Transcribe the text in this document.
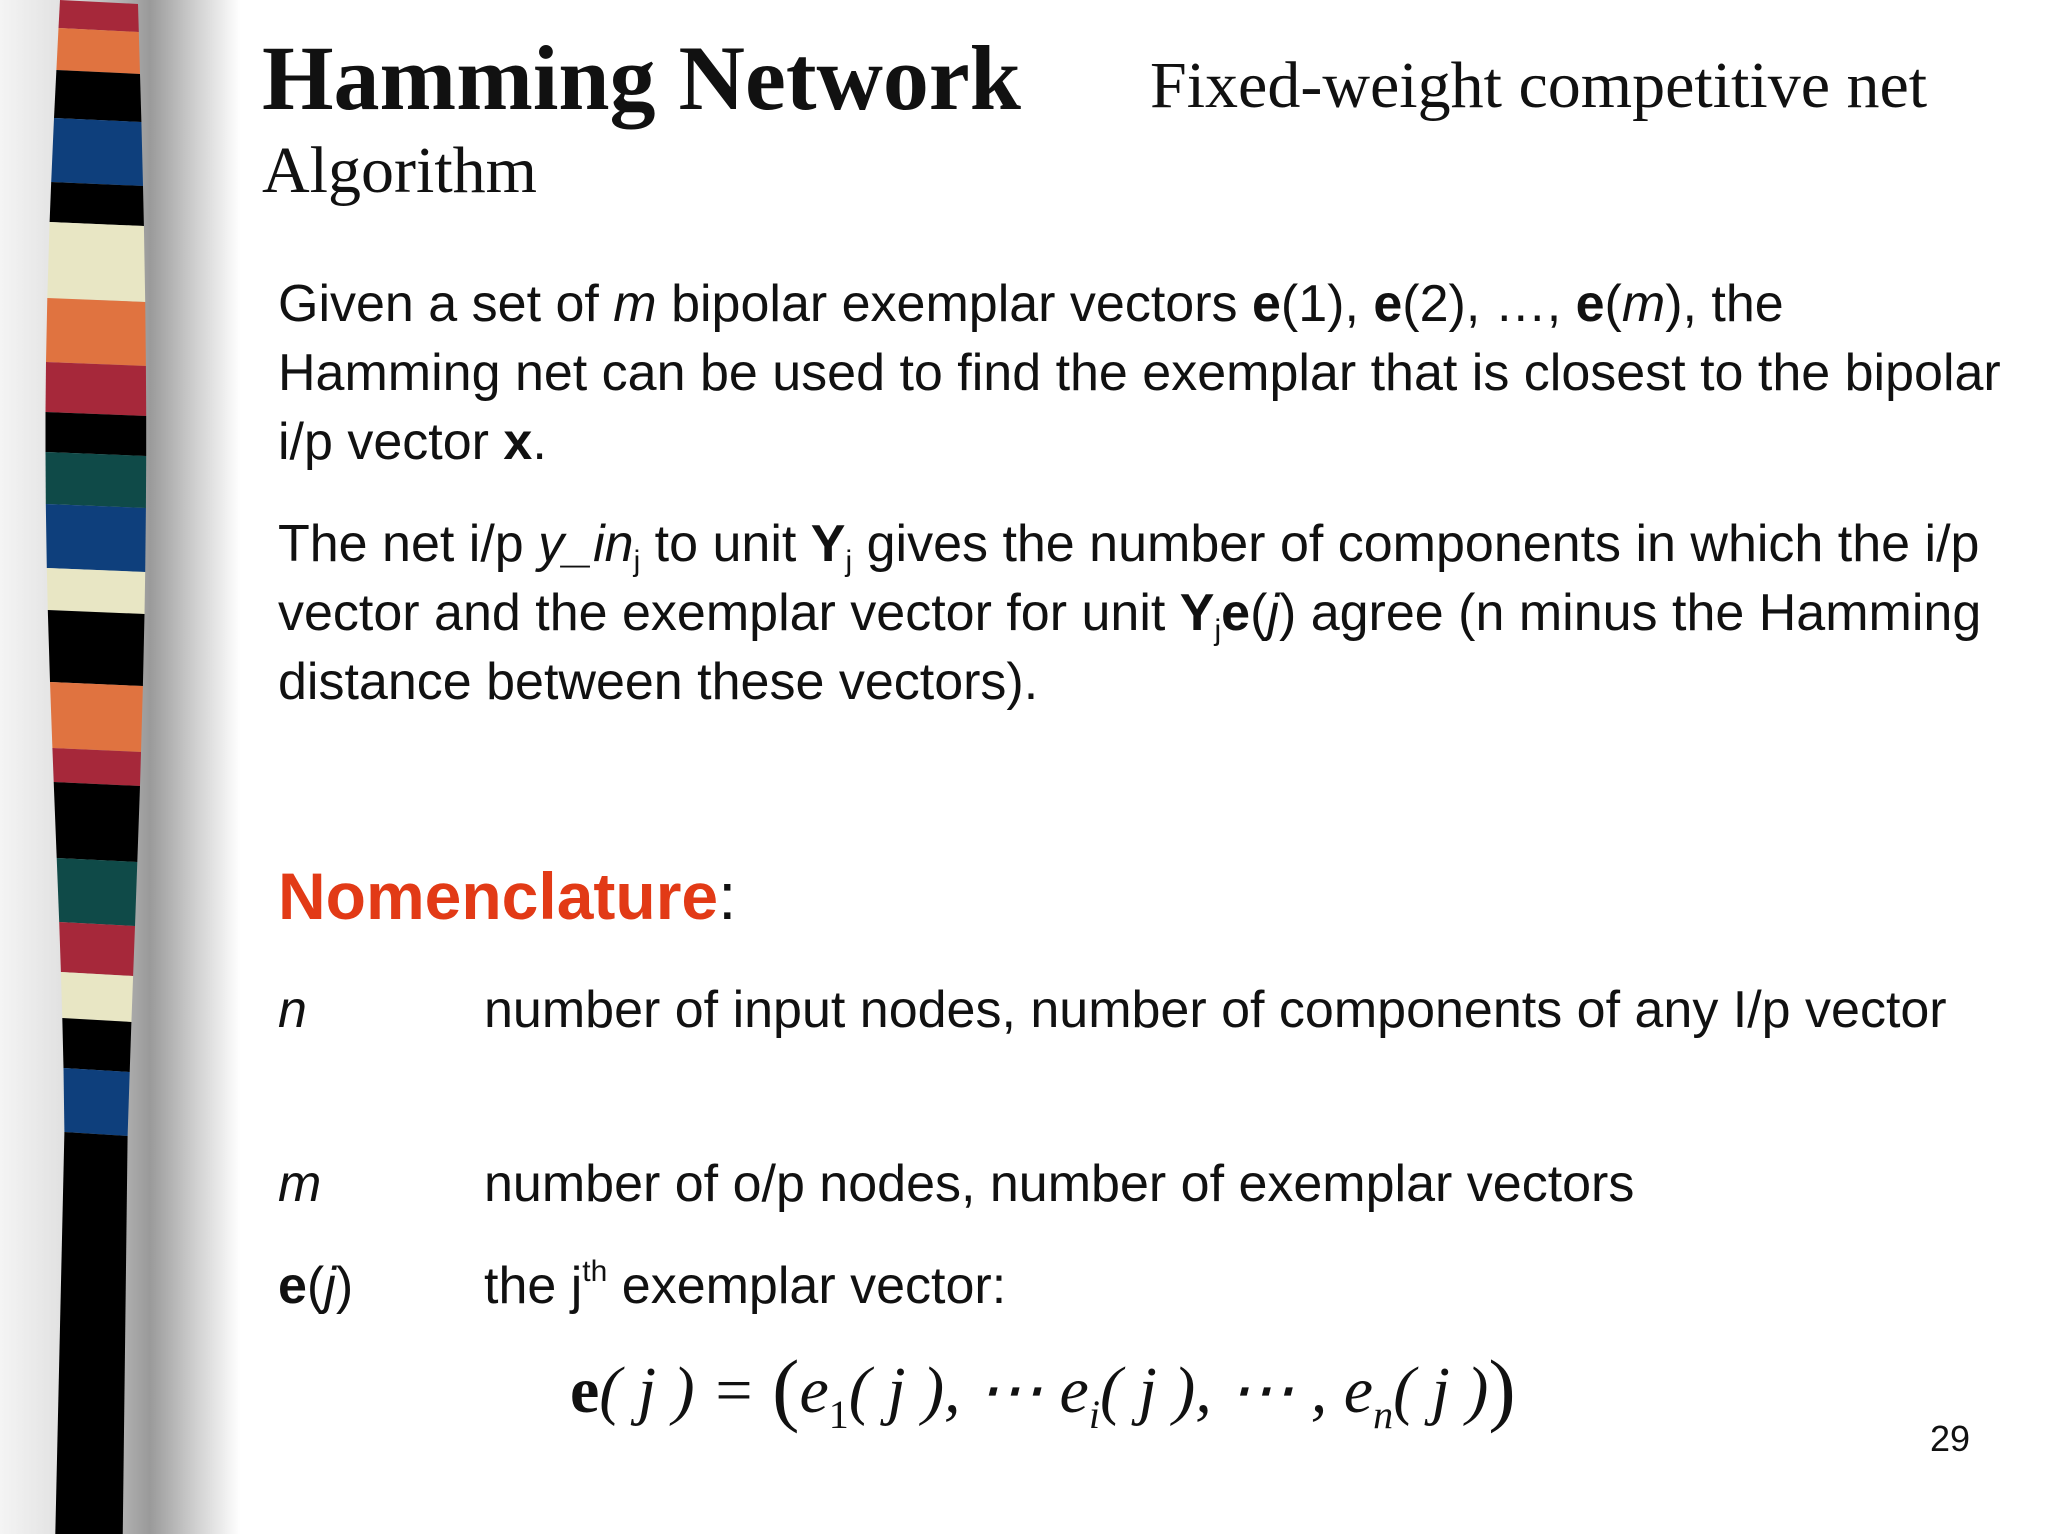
Hamming Network Fixed-weight competitive net
Algorithm

Given a set of m bipolar exemplar vectors e(1), e(2), …, e(m), the Hamming net can be used to find the exemplar that is closest to the bipolar i/p vector x.

The net i/p $y\_in_j$ to unit $Y_j$ gives the number of components in which the i/p vector and the exemplar vector for unit $Y_je(j)$ agree (n minus the Hamming distance between these vectors).

Nomenclature:
n	number of input nodes, number of components of any I/p vector
m	number of o/p nodes, number of exemplar vectors
e(j)	the $j^{th}$ exemplar vector:
e( j ) = ($e_1$( j ), ⋯ $e_i$( j ), ⋯ , $e_n$( j ))
29
